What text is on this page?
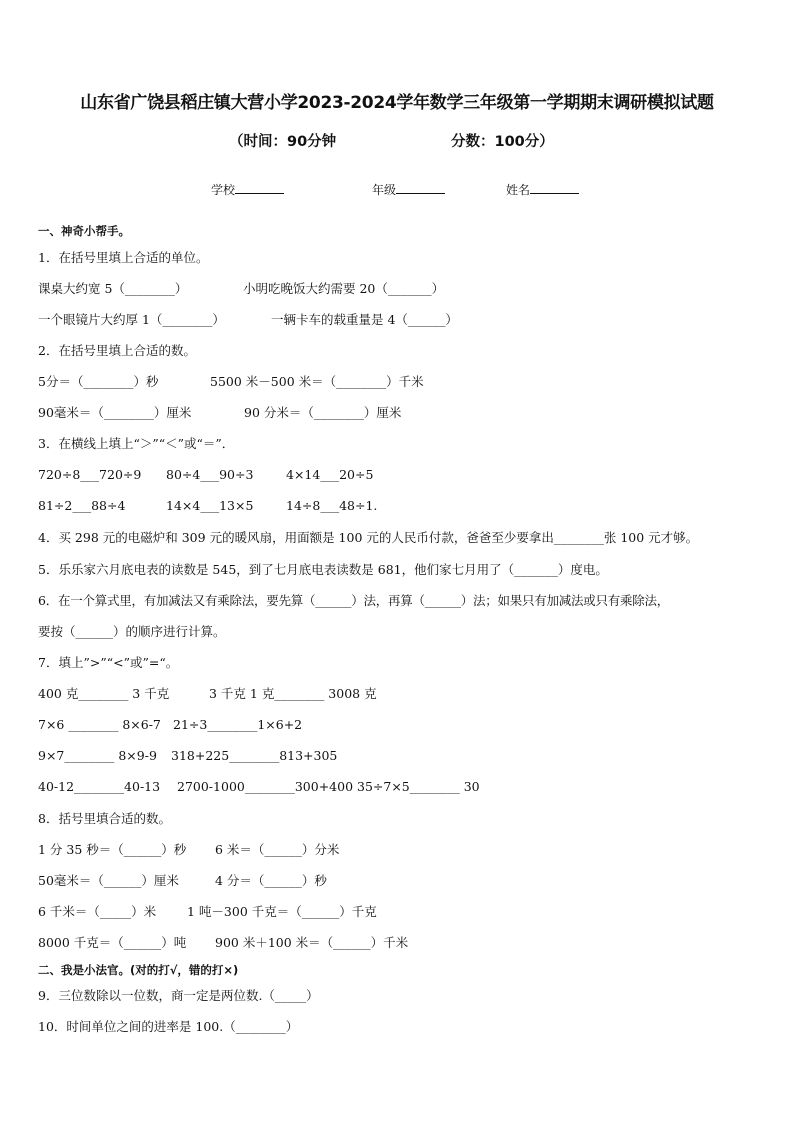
山东省广饶县稻庄镇大营小学2023-2024学年数学三年级第一学期期末调研模拟试题
（时间：90分钟	分数：100分）
学校	年级	姓名
一、神奇小帮手。
1．在括号里填上合适的单位。
课桌大约宽 5（________）	小明吃晚饭大约需要 20（_______）
一个眼镜片大约厚 1（________）	一辆卡车的载重量是 4（______）
2．在括号里填上合适的数。
5分＝（________）秒	5500 米－500 米＝（________）千米
90毫米＝（________）厘米	90 分米＝（________）厘米
3．在横线上填上“＞”“＜”或“＝”．
720÷8___720÷9 80÷4___90÷3	4×14___20÷5
81÷2___88÷4	14×4___13×5	14÷8___48÷1.
4．买 298 元的电磁炉和 309 元的暖风扇，用面额是 100 元的人民币付款，爸爸至少要拿出________张 100 元才够。
5．乐乐家六月底电表的读数是 545，到了七月底电表读数是 681，他们家七月用了（_______）度电。
6．在一个算式里，有加减法又有乘除法，要先算（______）法，再算（______）法；如果只有加减法或只有乘除法，
要按（______）的顺序进行计算。
7．填上”>”“<”或”=“。
400 克________ 3 千克	3 千克 1 克________ 3008 克
7×6 ________ 8×6-7 21÷3________1×6+2
9×7________ 8×9-9 318+225________813+305
40-12________40-13 2700-1000________300+400 35÷7×5________ 30
8．括号里填合适的数。
1 分 35 秒＝（______）秒 6 米＝（______）分米
50毫米＝（______）厘米	4 分＝（______）秒
6 千米＝（_____）米 1 吨－300 千克＝（______）千克
8000 千克＝（______）吨 900 米＋100 米＝（______）千米
二、我是小法官。(对的打√，错的打×)
9．三位数除以一位数，商一定是两位数.（_____）
10．时间单位之间的进率是 100.（________）
